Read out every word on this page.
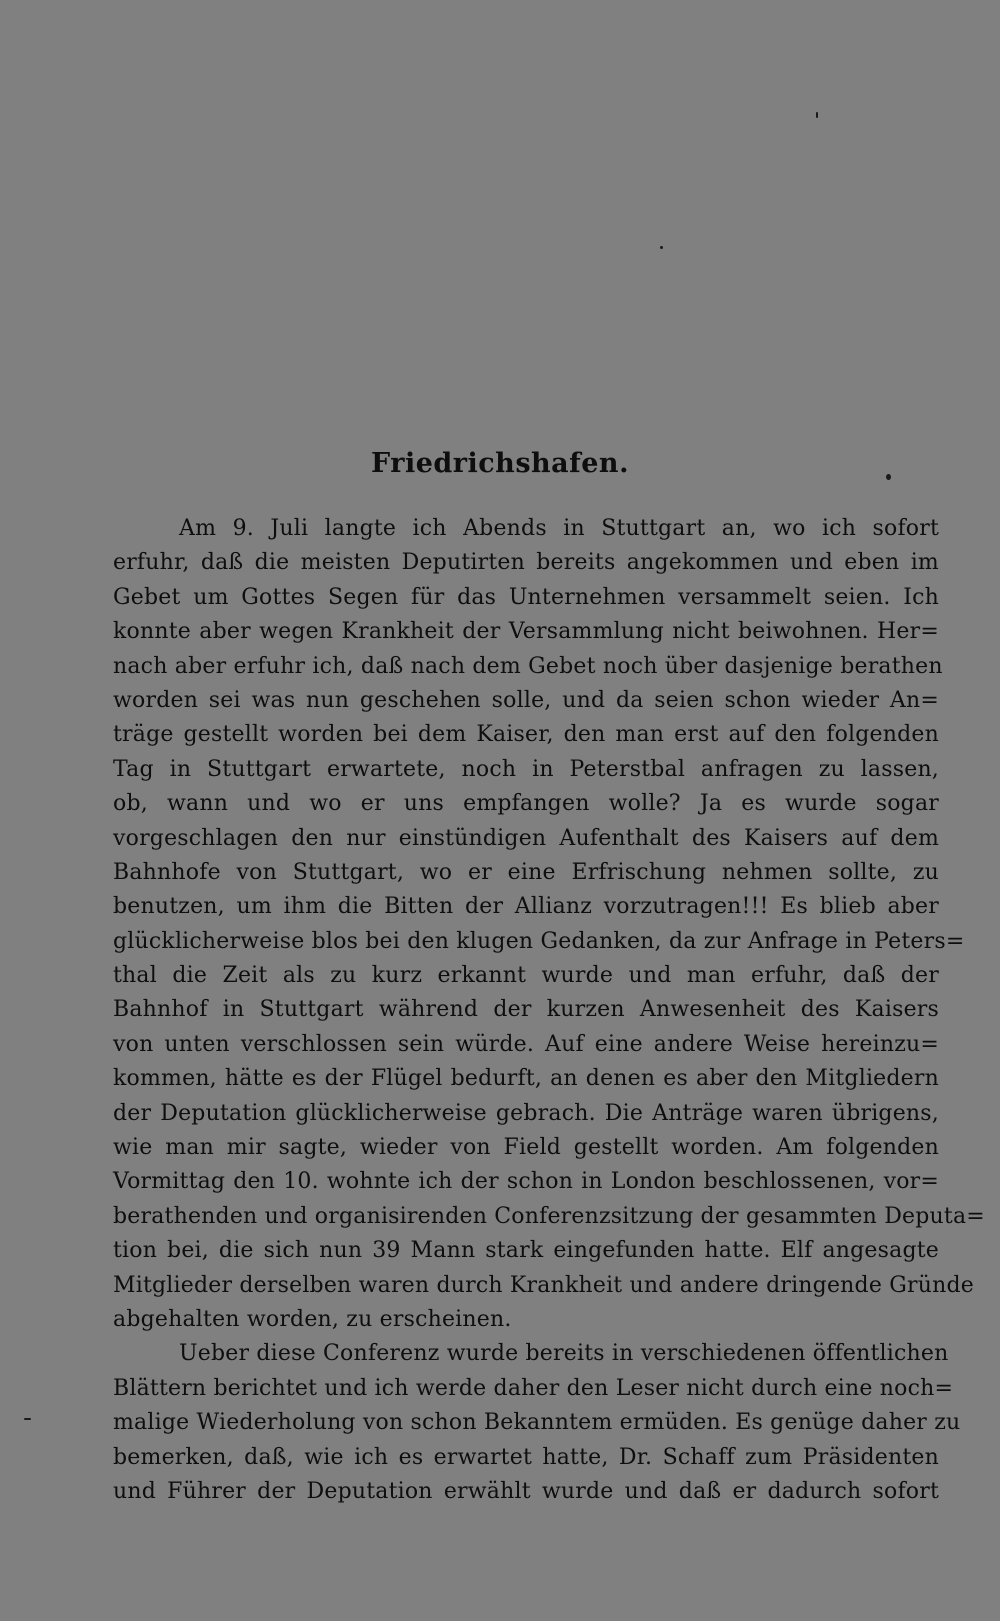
Friedrichshafen.
Am 9. Juli langte ich Abends in Stuttgart an, wo ich sofort
erfuhr, daß die meisten Deputirten bereits angekommen und eben im
Gebet um Gottes Segen für das Unternehmen versammelt seien. Ich
konnte aber wegen Krankheit der Versammlung nicht beiwohnen. Her=
nach aber erfuhr ich, daß nach dem Gebet noch über dasjenige berathen
worden sei was nun geschehen solle, und da seien schon wieder An=
träge gestellt worden bei dem Kaiser, den man erst auf den folgenden
Tag in Stuttgart erwartete, noch in Peterstbal anfragen zu lassen,
ob, wann und wo er uns empfangen wolle? Ja es wurde sogar
vorgeschlagen den nur einstündigen Aufenthalt des Kaisers auf dem
Bahnhofe von Stuttgart, wo er eine Erfrischung nehmen sollte, zu
benutzen, um ihm die Bitten der Allianz vorzutragen!!! Es blieb aber
glücklicherweise blos bei den klugen Gedanken, da zur Anfrage in Peters=
thal die Zeit als zu kurz erkannt wurde und man erfuhr, daß der
Bahnhof in Stuttgart während der kurzen Anwesenheit des Kaisers
von unten verschlossen sein würde. Auf eine andere Weise hereinzu=
kommen, hätte es der Flügel bedurft, an denen es aber den Mitgliedern
der Deputation glücklicherweise gebrach. Die Anträge waren übrigens,
wie man mir sagte, wieder von Field gestellt worden. Am folgenden
Vormittag den 10. wohnte ich der schon in London beschlossenen, vor=
berathenden und organisirenden Conferenzsitzung der gesammten Deputa=
tion bei, die sich nun 39 Mann stark eingefunden hatte. Elf angesagte
Mitglieder derselben waren durch Krankheit und andere dringende Gründe
abgehalten worden, zu erscheinen.
Ueber diese Conferenz wurde bereits in verschiedenen öffentlichen
Blättern berichtet und ich werde daher den Leser nicht durch eine noch=
malige Wiederholung von schon Bekanntem ermüden. Es genüge daher zu
bemerken, daß, wie ich es erwartet hatte, Dr. Schaff zum Präsidenten
und Führer der Deputation erwählt wurde und daß er dadurch sofort
